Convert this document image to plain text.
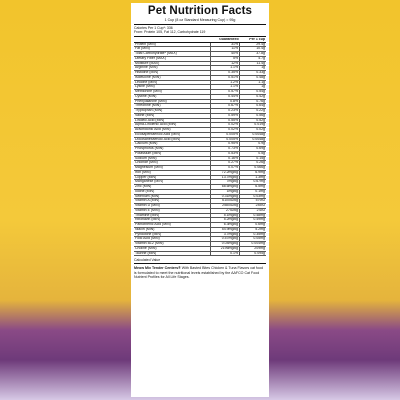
Pet Nutrition Facts
1 Cup (8 oz Standard Measuring Cup) = 95g
Calories Per 1 Cup*: 336
From: Protein 105, Fat 112, Carbohydrate 119
	Guaranteed	Per 1 cup
Protein (MIN)	31%	29.4g
Fat (MIN)	11%	10.4g
Total Carbohydrate* (MAX)	40%	37.8g
Dietary Fiber (MAX)	5%	4.7g
Moisture (MAX)	12%	11.4g
Arginine (MIN)	1.1%	1g
Histidine (MIN)	0.35%	0.33g
Isoleucine (MIN)	0.51%	0.48g
Leucine (MIN)	1.2%	1.1g
Lysine (MIN)	1.1%	1g
Methionine (MIN)	0.57%	0.54g
Cystine (MIN)	0.44%	0.42g
Phenylalanine (MIN)	0.8%	0.76g
Threonine (MIN)	0.67%	0.64g
Tryptophan (MIN)	0.23%	0.22g
Valine (MIN)	0.59%	0.56g
Linoleic Acid (MIN)	0.55%	0.52g
Alpha-Linolenic Acid (MIN)	0.02%	0.019g
Arachidonic Acid (MIN)	0.02%	0.02g
Eicosapentaenoic Acid (MIN)	0.005%	0.0048g
Docosahexaenoic Acid (MIN)	0.005%	0.0048g
Calcium (MIN)	0.95%	0.9g
Phosphorus (MIN)	0.73%	0.69g
Potassium (MIN)	0.53%	0.5g
Sodium (MIN)	0.16%	0.15g
Chloride (MIN)	0.27%	0.26g
Magnesium (MIN)	0.07%	0.066g
Iron (MIN)	72.2mg/kg	6.9mg
Copper (MIN)	13.7mg/kg	1.3mg
Manganese (MIN)	7mg/kg	0.67mg
Zinc (MIN)	68.6mg/kg	6.5mg
Iodine (MIN)	1mg/kg	0.1mg
Selenium (MIN)	0.31mg/kg	0.03mg
Vitamin A (MIN)	6100IU/kg	579IU
Vitamin D (MIN)	2580IU/kg	245IU
Vitamin E (MIN)	27IU/kg	2.6IU
Thiamine (MIN)	5.1mg/kg	0.48mg
Riboflavin (MIN)	5.2mg/kg	0.49mg
Pantothenic Acid (MIN)	6.3mg/kg	0.6mg
Niacin (MIN)	54.9mg/kg	5.2mg
Pyridoxine (MIN)	3.7mg/kg	0.35mg
Folic Acid (MIN)	0.57mg/kg	0.05mg
Vitamin B12 (MIN)	0.04mg/kg	0.004mg
Choline (MIN)	2196mg/kg	209mg
Taurine (MIN)	0.1%	0.095g
Calculated Value
Meow Mix Tender Centers® With Basted Bites Chicken & Tuna Flavors cat food is formulated to meet the nutritional levels established by the AAFCO Cat Food Nutrient Profiles for All Life Stages.
